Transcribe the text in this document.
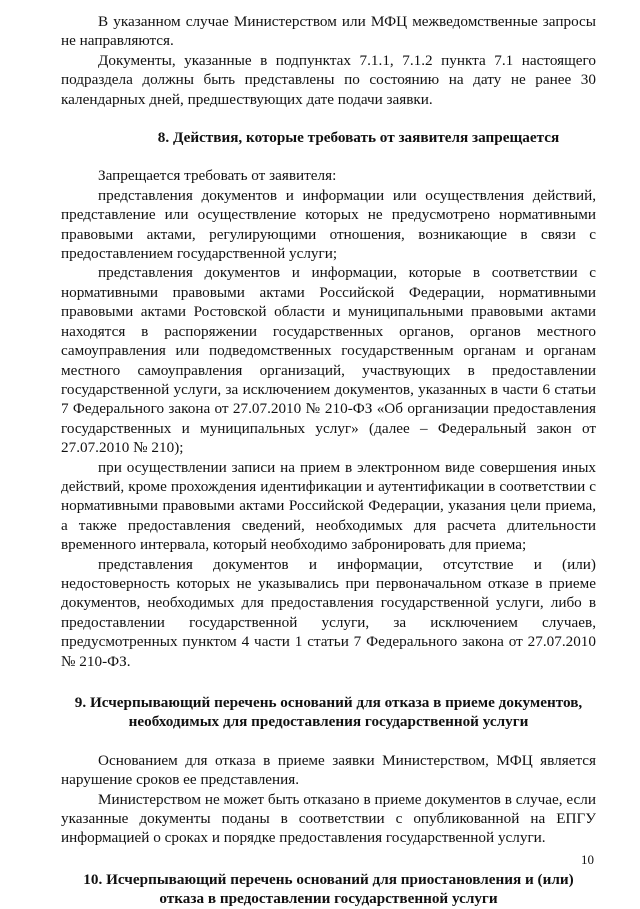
В указанном случае Министерством или МФЦ межведомственные запросы не направляются.

Документы, указанные в подпунктах 7.1.1, 7.1.2 пункта 7.1 настоящего подраздела должны быть представлены по состоянию на дату не ранее 30 календарных дней, предшествующих дате подачи заявки.

8. Действия, которые требовать от заявителя запрещается

Запрещается требовать от заявителя:

представления документов и информации или осуществления действий, представление или осуществление которых не предусмотрено нормативными правовыми актами, регулирующими отношения, возникающие в связи с предоставлением государственной услуги;

представления документов и информации, которые в соответствии с нормативными правовыми актами Российской Федерации, нормативными правовыми актами Ростовской области и муниципальными правовыми актами находятся в распоряжении государственных органов, органов местного самоуправления или подведомственных государственным органам и органам местного самоуправления организаций, участвующих в предоставлении государственной услуги, за исключением документов, указанных в части 6 статьи 7 Федерального закона от 27.07.2010 № 210-ФЗ «Об организации предоставления государственных и муниципальных услуг» (далее – Федеральный закон от 27.07.2010 № 210);

при осуществлении записи на прием в электронном виде совершения иных действий, кроме прохождения идентификации и аутентификации в соответствии с нормативными правовыми актами Российской Федерации, указания цели приема, а также предоставления сведений, необходимых для расчета длительности временного интервала, который необходимо забронировать для приема;

представления документов и информации, отсутствие и (или) недостоверность которых не указывались при первоначальном отказе в приеме документов, необходимых для предоставления государственной услуги, либо в предоставлении государственной услуги, за исключением случаев, предусмотренных пунктом 4 части 1 статьи 7 Федерального закона от 27.07.2010 № 210-ФЗ.

9. Исчерпывающий перечень оснований для отказа в приеме документов,

необходимых для предоставления государственной услуги

Основанием для отказа в приеме заявки Министерством, МФЦ является нарушение сроков ее представления.

Министерством не может быть отказано в приеме документов в случае, если указанные документы поданы в соответствии с опубликованной на ЕПГУ информацией о сроках и порядке предоставления государственной услуги.

10. Исчерпывающий перечень оснований для приостановления и (или)

отказа в предоставлении государственной услуги

10
